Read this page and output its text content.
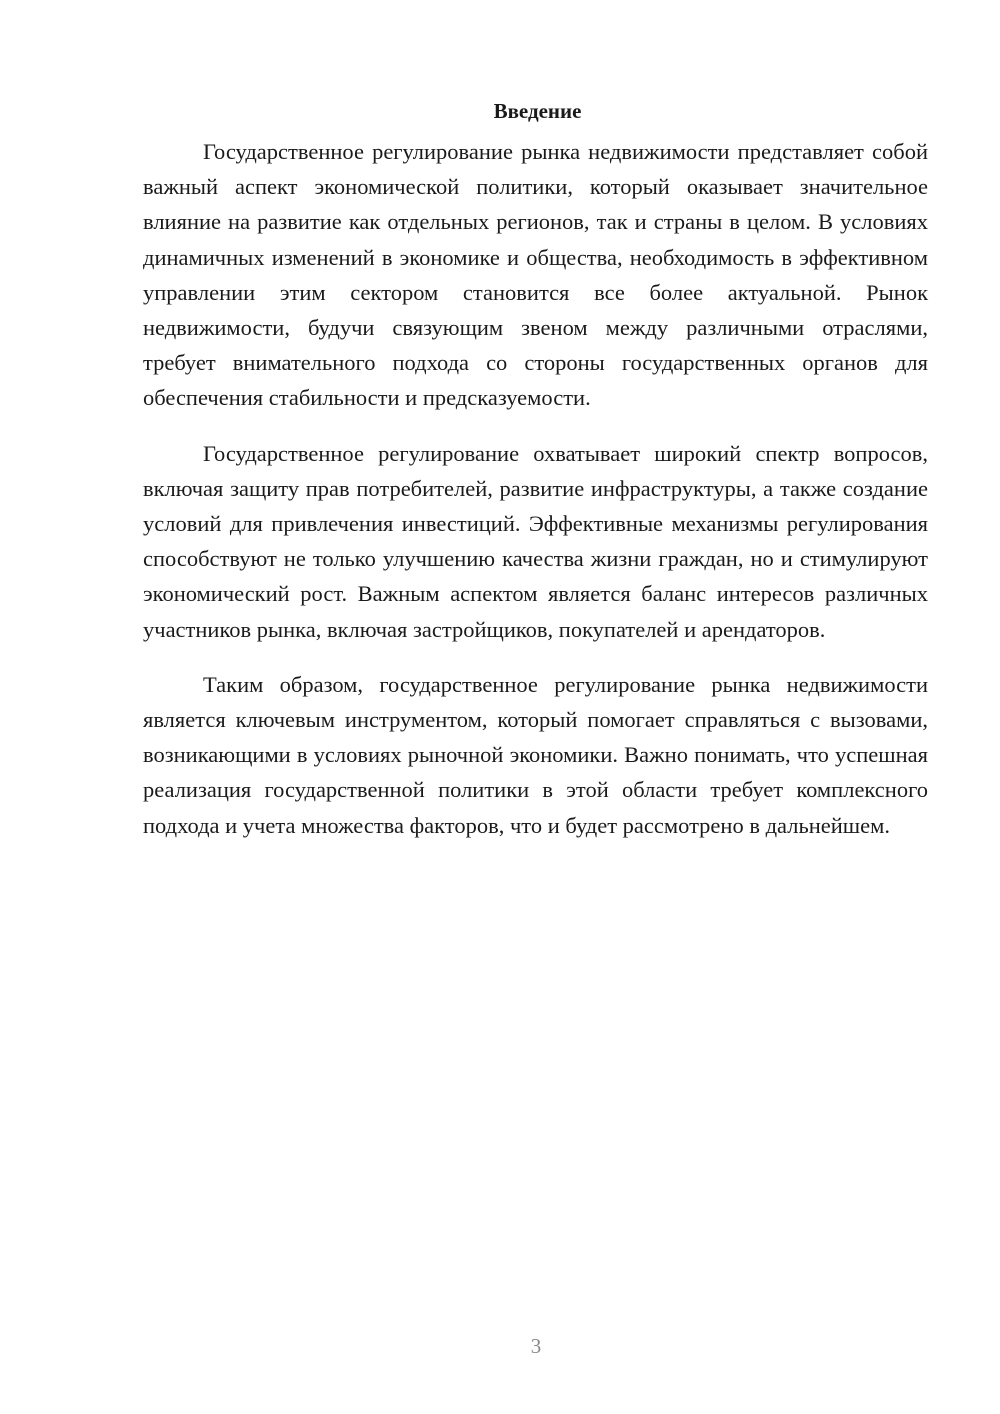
Введение

Государственное регулирование рынка недвижимости представляет собой важный аспект экономической политики, который оказывает значительное влияние на развитие как отдельных регионов, так и страны в целом. В условиях динамичных изменений в экономике и общества, необходимость в эффективном управлении этим сектором становится все более актуальной. Рынок недвижимости, будучи связующим звеном между различными отраслями, требует внимательного подхода со стороны государственных органов для обеспечения стабильности и предсказуемости.

Государственное регулирование охватывает широкий спектр вопросов, включая защиту прав потребителей, развитие инфраструктуры, а также создание условий для привлечения инвестиций. Эффективные механизмы регулирования способствуют не только улучшению качества жизни граждан, но и стимулируют экономический рост. Важным аспектом является баланс интересов различных участников рынка, включая застройщиков, покупателей и арендаторов.

Таким образом, государственное регулирование рынка недвижимости является ключевым инструментом, который помогает справляться с вызовами, возникающими в условиях рыночной экономики. Важно понимать, что успешная реализация государственной политики в этой области требует комплексного подхода и учета множества факторов, что и будет рассмотрено в дальнейшем.

3
